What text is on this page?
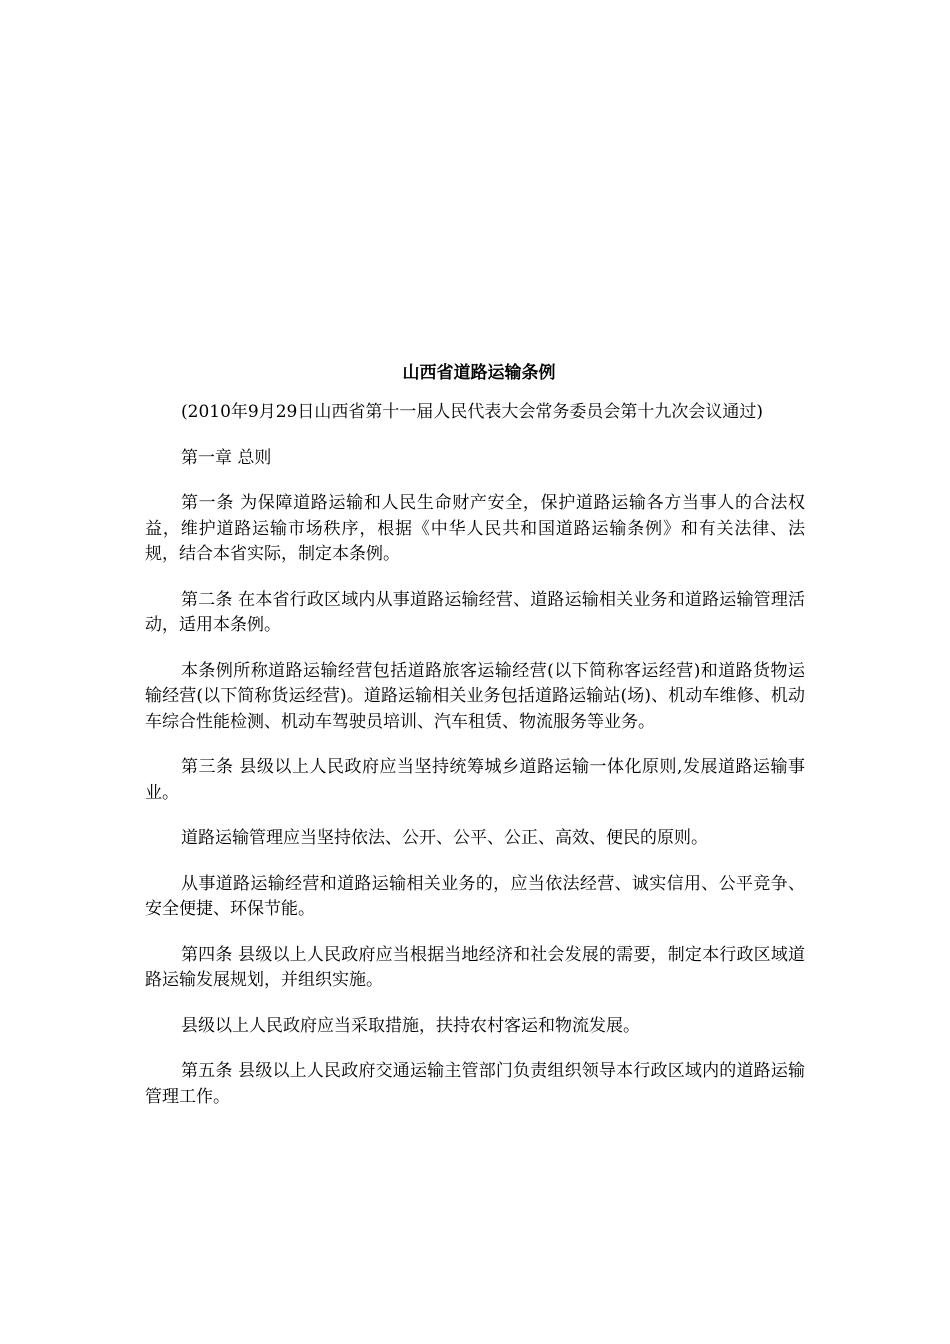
山西省道路运输条例

(2010年9月29日山西省第十一届人民代表大会常务委员会第十九次会议通过)

第一章 总则

第一条 为保障道路运输和人民生命财产安全，保护道路运输各方当事人的合法权益，维护道路运输市场秩序，根据《中华人民共和国道路运输条例》和有关法律、法规，结合本省实际，制定本条例。

第二条 在本省行政区域内从事道路运输经营、道路运输相关业务和道路运输管理活动，适用本条例。

本条例所称道路运输经营包括道路旅客运输经营(以下简称客运经营)和道路货物运输经营(以下简称货运经营)。道路运输相关业务包括道路运输站(场)、机动车维修、机动车综合性能检测、机动车驾驶员培训、汽车租赁、物流服务等业务。

第三条 县级以上人民政府应当坚持统筹城乡道路运输一体化原则,发展道路运输事业。

道路运输管理应当坚持依法、公开、公平、公正、高效、便民的原则。

从事道路运输经营和道路运输相关业务的，应当依法经营、诚实信用、公平竞争、安全便捷、环保节能。

第四条 县级以上人民政府应当根据当地经济和社会发展的需要，制定本行政区域道路运输发展规划，并组织实施。

县级以上人民政府应当采取措施，扶持农村客运和物流发展。

第五条 县级以上人民政府交通运输主管部门负责组织领导本行政区域内的道路运输管理工作。
